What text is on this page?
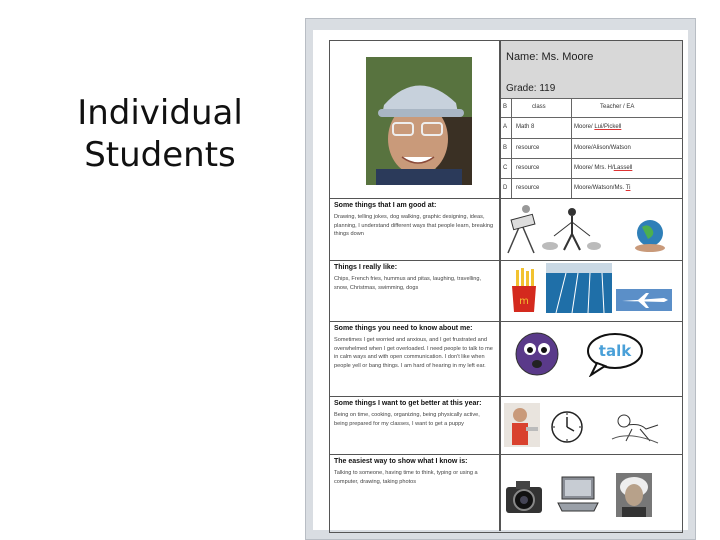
Individual
Students
Name: Ms. Moore
Grade: 119
B	class	Teacher / EA
A Math 8	Moore/ Lui/Pickell
B resource	Moore/Alison/Watson
C resource	Moore/ Mrs. H/Lassell
D resource	Moore/Watson/Ms. Ti
Some things that I am good at:
Drawing, telling jokes, dog walking, graphic designing, ideas, planning, I understand different ways that people learn, breaking things down
Things I really like:
Chips, French fries, hummus and pitas, laughing, travelling, snow, Christmas, swimming, dogs
Some things you need to know about me:
Sometimes I get worried and anxious, and I get frustrated and overwhelmed when I get overloaded. I need people to talk to me in calm ways and with open communication. I don't like when people yell or bang things. I am hard of hearing in my left ear.
Some things I want to get better at this year:
Being on time, cooking, organizing, being physically active, being prepared for my classes, I want to get a puppy
The easiest way to show what I know is:
Talking to someone, having time to think, typing or using a computer, drawing, taking photos
m
talk
